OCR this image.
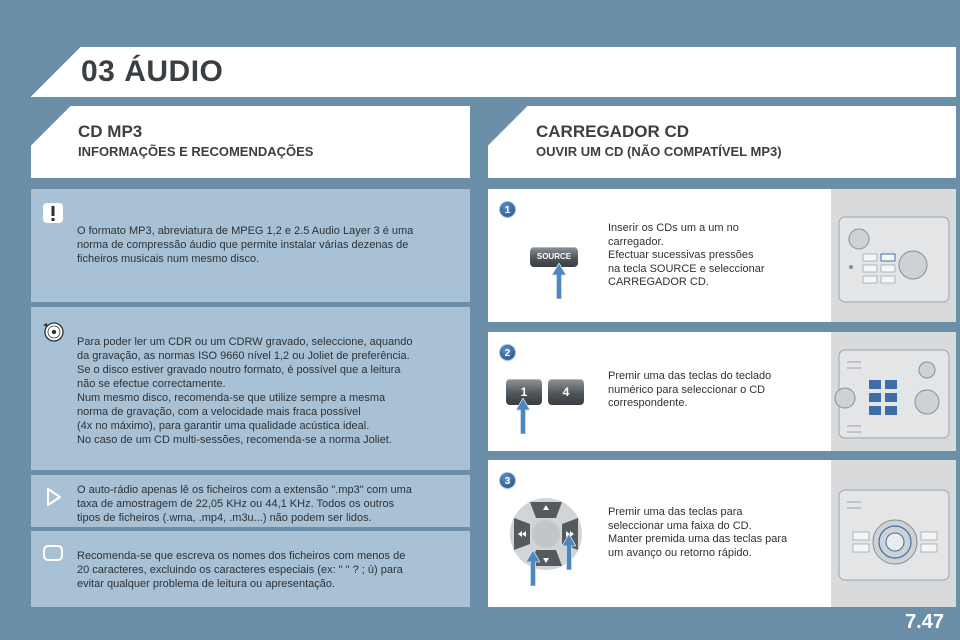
03 ÁUDIO
CD MP3
INFORMAÇÕES E RECOMENDAÇÕES
CARREGADOR CD
OUVIR UM CD (NÃO COMPATÍVEL MP3)
O formato MP3, abreviatura de MPEG 1,2 e 2.5 Audio Layer 3 é uma
norma de compressão áudio que permite instalar várias dezenas de
ficheiros musicais num mesmo disco.
Para poder ler um CDR ou um CDRW gravado, seleccione, aquando
da gravação, as normas ISO 9660 nível 1,2 ou Joliet de preferência.
Se o disco estiver gravado noutro formato, é possível que a leitura
não se efectue correctamente.
Num mesmo disco, recomenda-se que utilize sempre a mesma
norma de gravação, com a velocidade mais fraca possível
(4x no máximo), para garantir uma qualidade acústica ideal.
No caso de um CD multi-sessões, recomenda-se a norma Joliet.
O auto-rádio apenas lê os ficheiros com a extensão ".mp3" com uma
taxa de amostragem de 22,05 KHz ou 44,1 KHz. Todos os outros
tipos de ficheiros (.wma, .mp4, .m3u...) não podem ser lidos.
Recomenda-se que escreva os nomes dos ficheiros com menos de
20 caracteres, excluindo os caracteres especiais (ex: " " ? ; ù) para
evitar qualquer problema de leitura ou apresentação.
1
SOURCE
Inserir os CDs um a um no
carregador.
Efectuar sucessivas pressões
na tecla SOURCE e seleccionar
CARREGADOR CD.
2
1	4
Premir uma das teclas do teclado
numérico para seleccionar o CD
correspondente.
3
Premir uma das teclas para
seleccionar uma faixa do CD.
Manter premida uma das teclas para
um avanço ou retorno rápido.
7.47
